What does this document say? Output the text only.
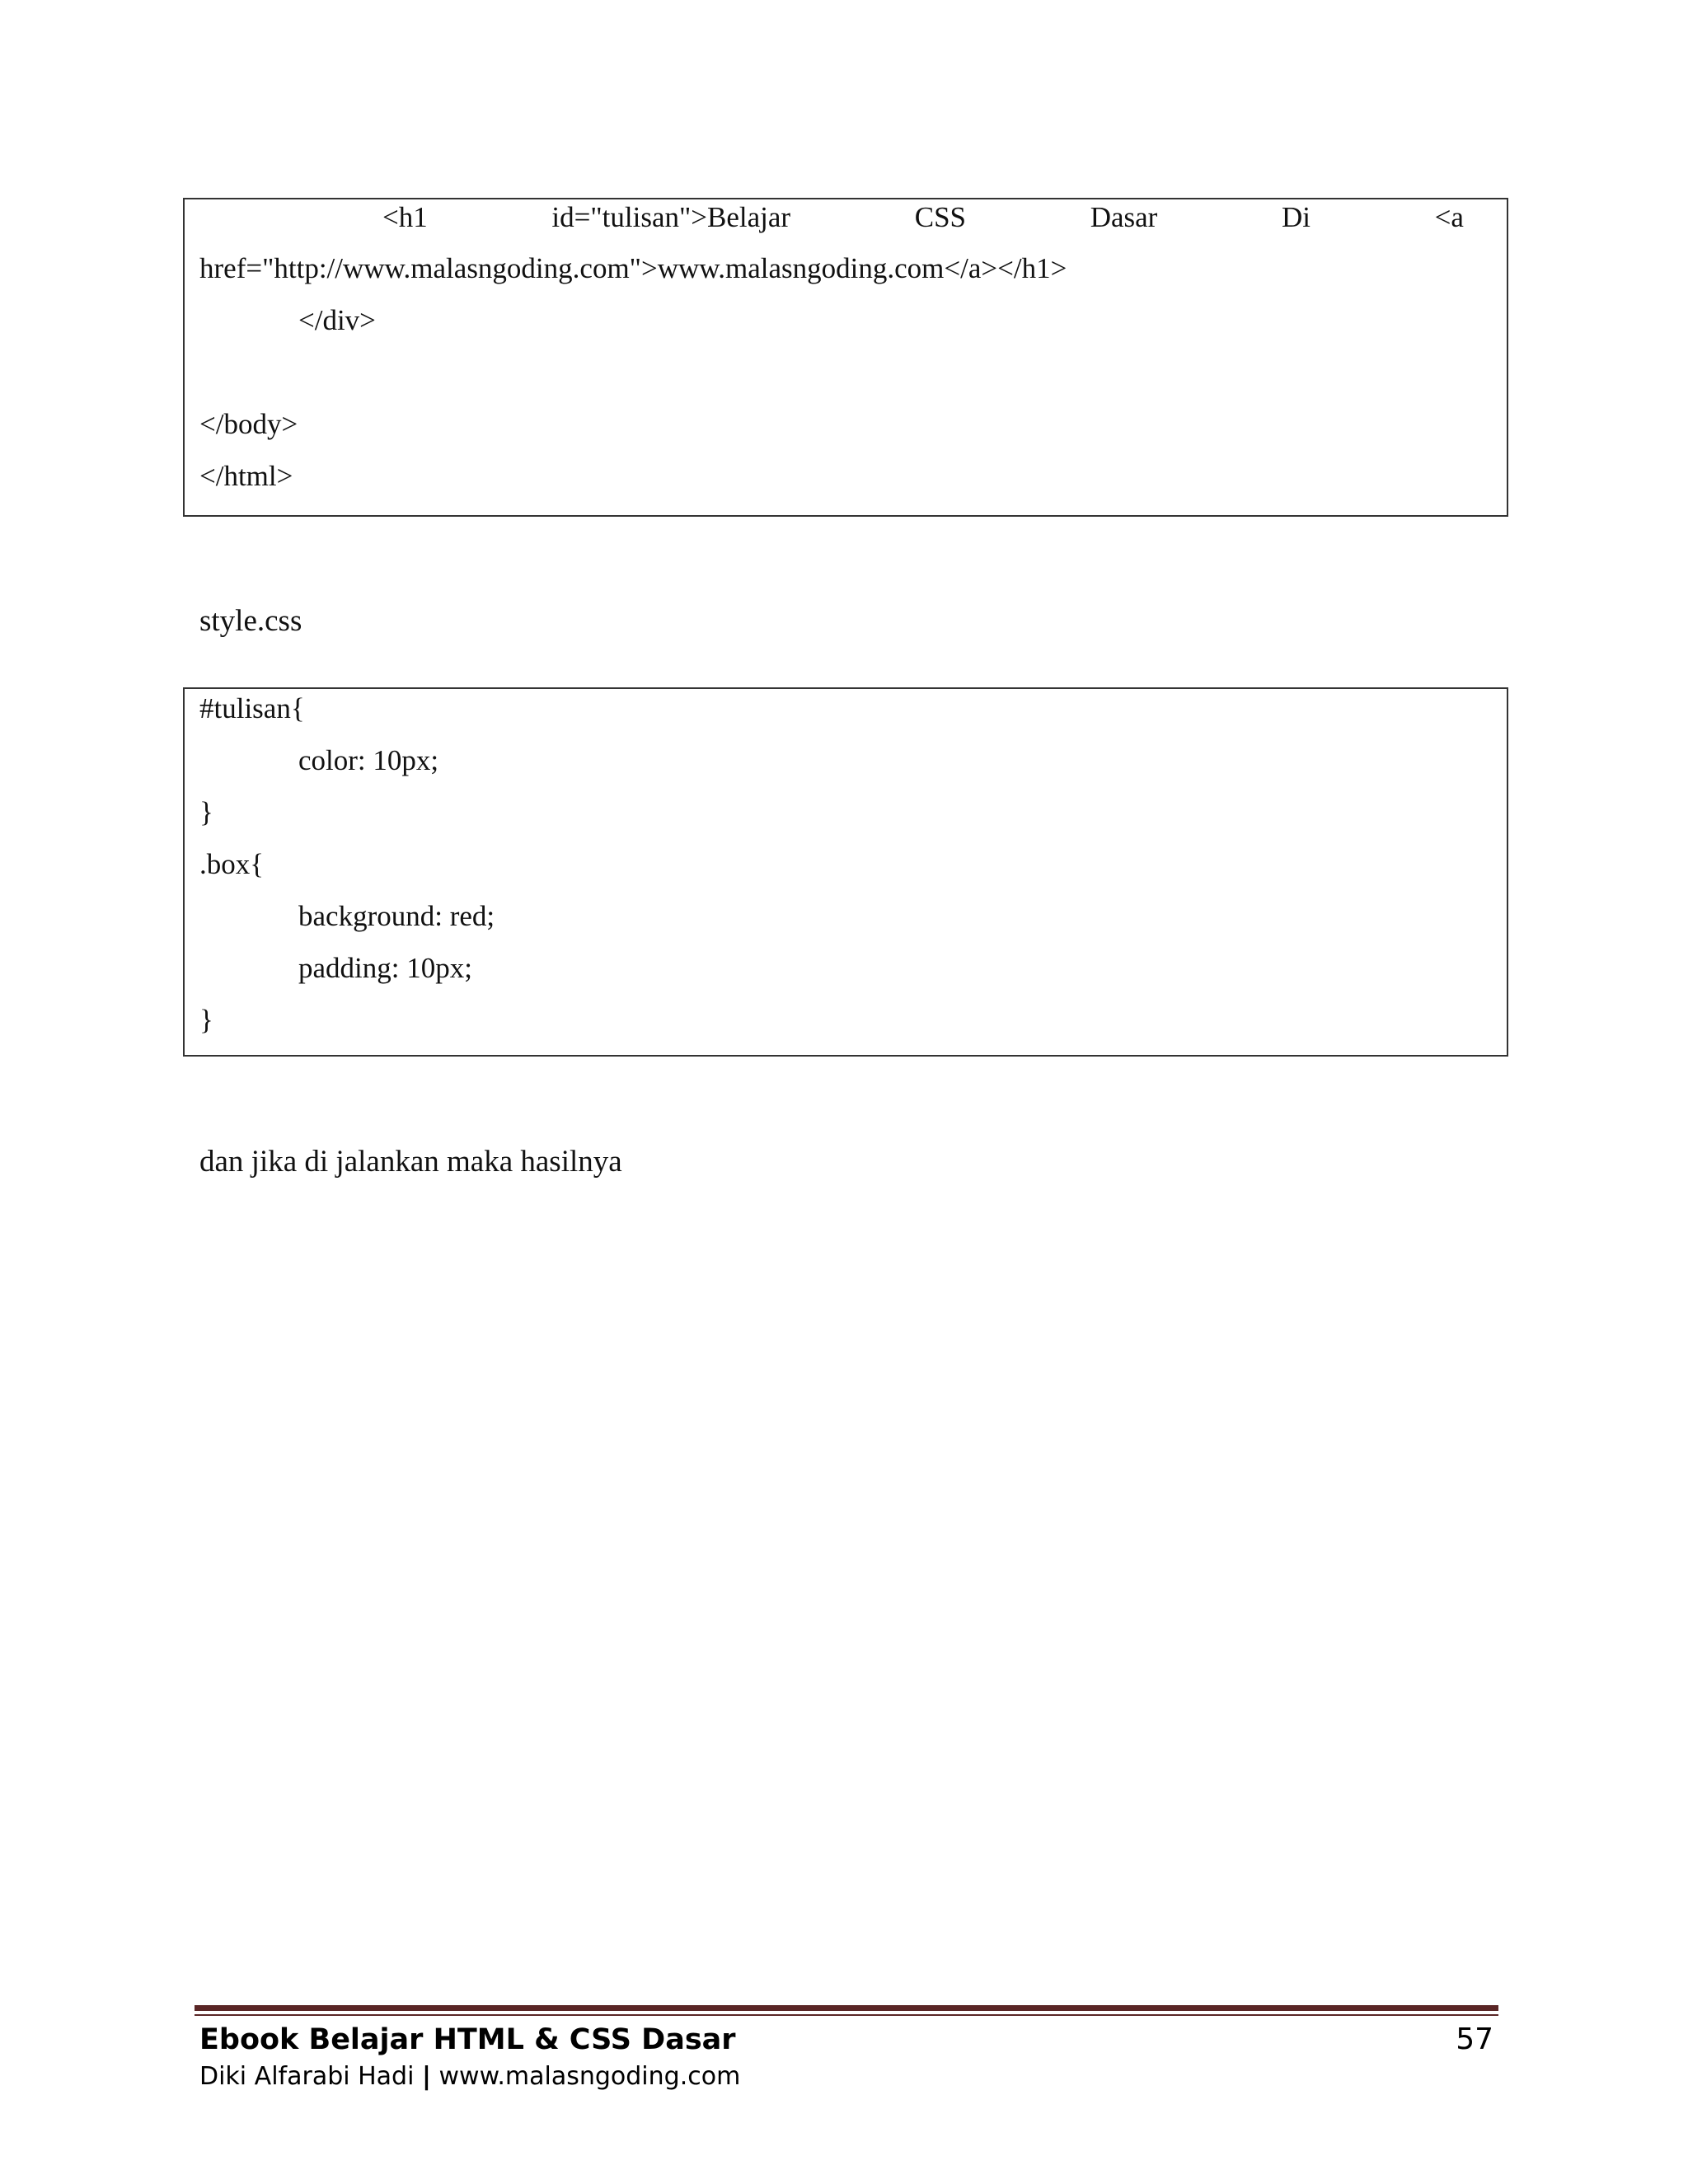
<h1	id="tulisan">Belajar	CSS	Dasar	Di	<a
href="http://www.malasngoding.com">www.malasngoding.com</a></h1>
</div>
</body>
</html>
style.css
#tulisan{
color: 10px;
}
.box{
background: red;
padding: 10px;
}
dan jika di jalankan maka hasilnya
Ebook Belajar HTML & CSS Dasar	57
Diki Alfarabi Hadi | www.malasngoding.com
